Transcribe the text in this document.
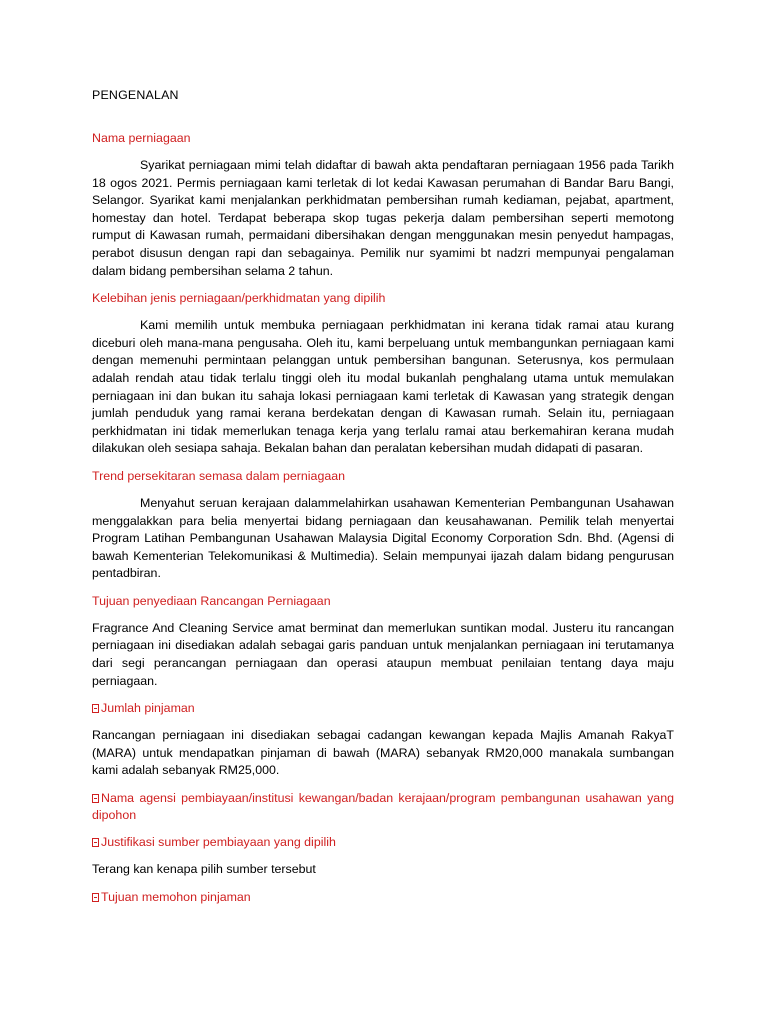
PENGENALAN
Nama perniagaan

Syarikat perniagaan mimi telah didaftar di bawah akta pendaftaran perniagaan 1956 pada Tarikh 18 ogos 2021. Permis perniagaan kami terletak di lot kedai Kawasan perumahan di Bandar Baru Bangi, Selangor. Syarikat kami menjalankan perkhidmatan pembersihan rumah kediaman, pejabat, apartment, homestay dan hotel. Terdapat beberapa skop tugas pekerja dalam pembersihan seperti memotong rumput di Kawasan rumah, permaidani dibersihakan dengan menggunakan mesin penyedut hampagas, perabot disusun dengan rapi dan sebagainya. Pemilik nur syamimi bt nadzri mempunyai pengalaman dalam bidang pembersihan selama 2 tahun.

Kelebihan jenis perniagaan/perkhidmatan yang dipilih

Kami memilih untuk membuka perniagaan perkhidmatan ini kerana tidak ramai atau kurang diceburi oleh mana-mana pengusaha. Oleh itu, kami berpeluang untuk membangunkan perniagaan kami dengan memenuhi permintaan pelanggan untuk pembersihan bangunan. Seterusnya, kos permulaan adalah rendah atau tidak terlalu tinggi oleh itu modal bukanlah penghalang utama untuk memulakan perniagaan ini dan bukan itu sahaja lokasi perniagaan kami terletak di Kawasan yang strategik dengan jumlah penduduk yang ramai kerana berdekatan dengan di Kawasan rumah. Selain itu, perniagaan perkhidmatan ini tidak memerlukan tenaga kerja yang terlalu ramai atau berkemahiran kerana mudah dilakukan oleh sesiapa sahaja. Bekalan bahan dan peralatan kebersihan mudah didapati di pasaran.

Trend persekitaran semasa dalam perniagaan

Menyahut seruan kerajaan dalammelahirkan usahawan Kementerian Pembangunan Usahawan menggalakkan para belia menyertai bidang perniagaan dan keusahawanan. Pemilik telah menyertai Program Latihan Pembangunan Usahawan Malaysia Digital Economy Corporation Sdn. Bhd. (Agensi di bawah Kementerian Telekomunikasi & Multimedia). Selain mempunyai ijazah dalam bidang pengurusan pentadbiran.

Tujuan penyediaan Rancangan Perniagaan

Fragrance And Cleaning Service amat berminat dan memerlukan suntikan modal. Justeru itu rancangan perniagaan ini disediakan adalah sebagai garis panduan untuk menjalankan perniagaan ini terutamanya dari segi perancangan perniagaan dan operasi ataupun membuat penilaian tentang daya maju perniagaan.

Jumlah pinjaman

Rancangan perniagaan ini disediakan sebagai cadangan kewangan kepada Majlis Amanah RakyaT (MARA) untuk mendapatkan pinjaman di bawah (MARA) sebanyak RM20,000 manakala sumbangan kami adalah sebanyak RM25,000.

Nama agensi pembiayaan/institusi kewangan/badan kerajaan/program pembangunan usahawan yang dipohon
Justifikasi sumber pembiayaan yang dipilih

Terang kan kenapa pilih sumber tersebut

Tujuan memohon pinjaman
